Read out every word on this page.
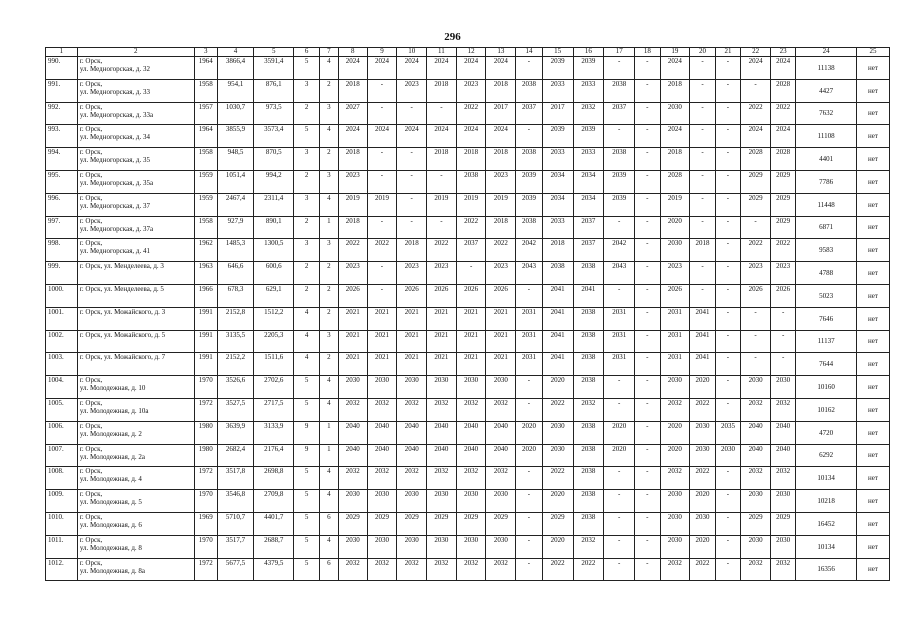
296
1	2	3	4	5	6	7	8	9	10	11	12	13	14	15	16	17	18	19	20	21	22	23	24	25
990.	г. Орск,
ул. Медногорская, д. 32	1964	3866,4	3591,4	5	4	2024	2024	2024	2024	2024	2024	-	2039	2039	-	-	2024	-	-	2024	2024	11138	нет
991.	г. Орск,
ул. Медногорская, д. 33	1958	954,1	876,1	3	2	2018	-	2023	2018	2023	2018	2038	2033	2033	2038	-	2018	-	-	-	2028	4427	нет
992.	г. Орск,
ул. Медногорская, д. 33а	1957	1030,7	973,5	2	3	2027	-	-	-	2022	2017	2037	2017	2032	2037	-	2030	-	-	2022	2022	7632	нет
993.	г. Орск,
ул. Медногорская, д. 34	1964	3855,9	3573,4	5	4	2024	2024	2024	2024	2024	2024	-	2039	2039	-	-	2024	-	-	2024	2024	11108	нет
994.	г. Орск,
ул. Медногорская, д. 35	1958	948,5	870,5	3	2	2018	-	-	2018	2018	2018	2038	2033	2033	2038	-	2018	-	-	2028	2028	4401	нет
995.	г. Орск,
ул. Медногорская, д. 35а	1959	1051,4	994,2	2	3	2023	-	-	-	2038	2023	2039	2034	2034	2039	-	2028	-	-	2029	2029	7786	нет
996.	г. Орск,
ул. Медногорская, д. 37	1959	2467,4	2311,4	3	4	2019	2019	-	2019	2019	2019	2039	2034	2034	2039	-	2019	-	-	2029	2029	11448	нет
997.	г. Орск,
ул. Медногорская, д. 37а	1958	927,9	890,1	2	1	2018	-	-	-	2022	2018	2038	2033	2037	-	-	2020	-	-	-	2029	6871	нет
998.	г. Орск,
ул. Медногорская, д. 41	1962	1485,3	1300,5	3	3	2022	2022	2018	2022	2037	2022	2042	2018	2037	2042	-	2030	2018	-	2022	2022	9583	нет
999.	г. Орск, ул. Менделеева, д. 3	1963	646,6	600,6	2	2	2023	-	2023	2023	-	2023	2043	2038	2038	2043	-	2023	-	-	2023	2023	4788	нет
1000.	г. Орск, ул. Менделеева, д. 5	1966	678,3	629,1	2	2	2026	-	2026	2026	2026	2026	-	2041	2041	-	-	2026	-	-	2026	2026	5023	нет
1001.	г. Орск, ул. Можайского, д. 3	1991	2152,8	1512,2	4	2	2021	2021	2021	2021	2021	2021	2031	2041	2038	2031	-	2031	2041	-	-	-	7646	нет
1002.	г. Орск, ул. Можайского, д. 5	1991	3135,5	2205,3	4	3	2021	2021	2021	2021	2021	2021	2031	2041	2038	2031	-	2031	2041	-	-	-	11137	нет
1003.	г. Орск, ул. Можайского, д. 7	1991	2152,2	1511,6	4	2	2021	2021	2021	2021	2021	2021	2031	2041	2038	2031	-	2031	2041	-	-	-	7644	нет
1004.	г. Орск,
ул. Молодежная, д. 10	1970	3526,6	2702,6	5	4	2030	2030	2030	2030	2030	2030	-	2020	2038	-	-	2030	2020	-	2030	2030	10160	нет
1005.	г. Орск,
ул. Молодежная, д. 10а	1972	3527,5	2717,5	5	4	2032	2032	2032	2032	2032	2032	-	2022	2032	-	-	2032	2022	-	2032	2032	10162	нет
1006.	г. Орск,
ул. Молодежная, д. 2	1980	3639,9	3133,9	9	1	2040	2040	2040	2040	2040	2040	2020	2030	2038	2020	-	2020	2030	2035	2040	2040	4720	нет
1007.	г. Орск,
ул. Молодежная, д. 2а	1980	2682,4	2176,4	9	1	2040	2040	2040	2040	2040	2040	2020	2030	2038	2020	-	2020	2030	2030	2040	2040	6292	нет
1008.	г. Орск,
ул. Молодежная, д. 4	1972	3517,8	2698,8	5	4	2032	2032	2032	2032	2032	2032	-	2022	2038	-	-	2032	2022	-	2032	2032	10134	нет
1009.	г. Орск,
ул. Молодежная, д. 5	1970	3546,8	2709,8	5	4	2030	2030	2030	2030	2030	2030	-	2020	2038	-	-	2030	2020	-	2030	2030	10218	нет
1010.	г. Орск,
ул. Молодежная, д. 6	1969	5710,7	4401,7	5	6	2029	2029	2029	2029	2029	2029	-	2029	2038	-	-	2030	2030	-	2029	2029	16452	нет
1011.	г. Орск,
ул. Молодежная, д. 8	1970	3517,7	2688,7	5	4	2030	2030	2030	2030	2030	2030	-	2020	2032	-	-	2030	2020	-	2030	2030	10134	нет
1012.	г. Орск,
ул. Молодежная, д. 8а	1972	5677,5	4379,5	5	6	2032	2032	2032	2032	2032	2032	-	2022	2022	-	-	2032	2022	-	2032	2032	16356	нет
